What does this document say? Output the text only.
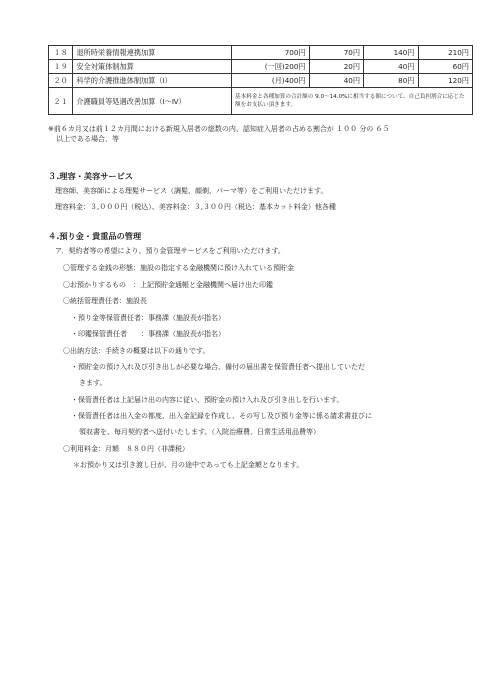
１８	退所時栄養情報連携加算	700円	70円	140円	210円
１９	安全対策体制加算	(一回)200円	20円	40円	60円
２０	科学的介護推進体制加算（Ⅰ）	(月)400円	40円	80円	120円
２１	介護職員等処遇改善加算（Ⅰ～Ⅳ）	基本料金と各種加算の合計額の 9.0～14.0%に相当する額について、自己負担割合に応じた額をお支払い頂きます。			
※前６カ月又は前１２カ月間における新規入居者の総数の内、認知症入居者の占める割合が １００ 分の ６５
以上である場合、等
３.理容・美容サービス
理容師、美容師による理髪サービス（調髪、顔剃、パーマ等）をご利用いただけます。
理容料金：３,０００円（税込）、美容料金：３,３００円（税込：基本カット料金）他各種
４.預り金・貴重品の管理
ア．契約者等の希望により、預り金管理サービスをご利用いただけます。
〇管理する金銭の形態：施設の指定する金融機関に預け入れている預貯金
〇お預かりするもの　：上記預貯金通帳と金融機関へ届け出た印鑑
〇統括管理責任者：施設長
・預り金等保管責任者：事務課（施設長が指名）
・印鑑保管責任者　　：事務課（施設長が指名）
〇出納方法：手続きの概要は以下の通りです。
・預貯金の預け入れ及び引き出しが必要な場合、備付の届出書を保管責任者へ提出していただ
きます。
・保管責任者は上記届け出の内容に従い、預貯金の預け入れ及び引き出しを行います。
・保管責任者は出入金の都度、出入金記録を作成し、その写し及び預り金等に係る請求書並びに
領収書を、毎月契約者へ送付いたします。（入院治療費、日常生活用品費等）
〇利用料金：月額　８８０円（非課税）
＊お預かり又は引き渡し日が、月の途中であっても上記金額となります。
